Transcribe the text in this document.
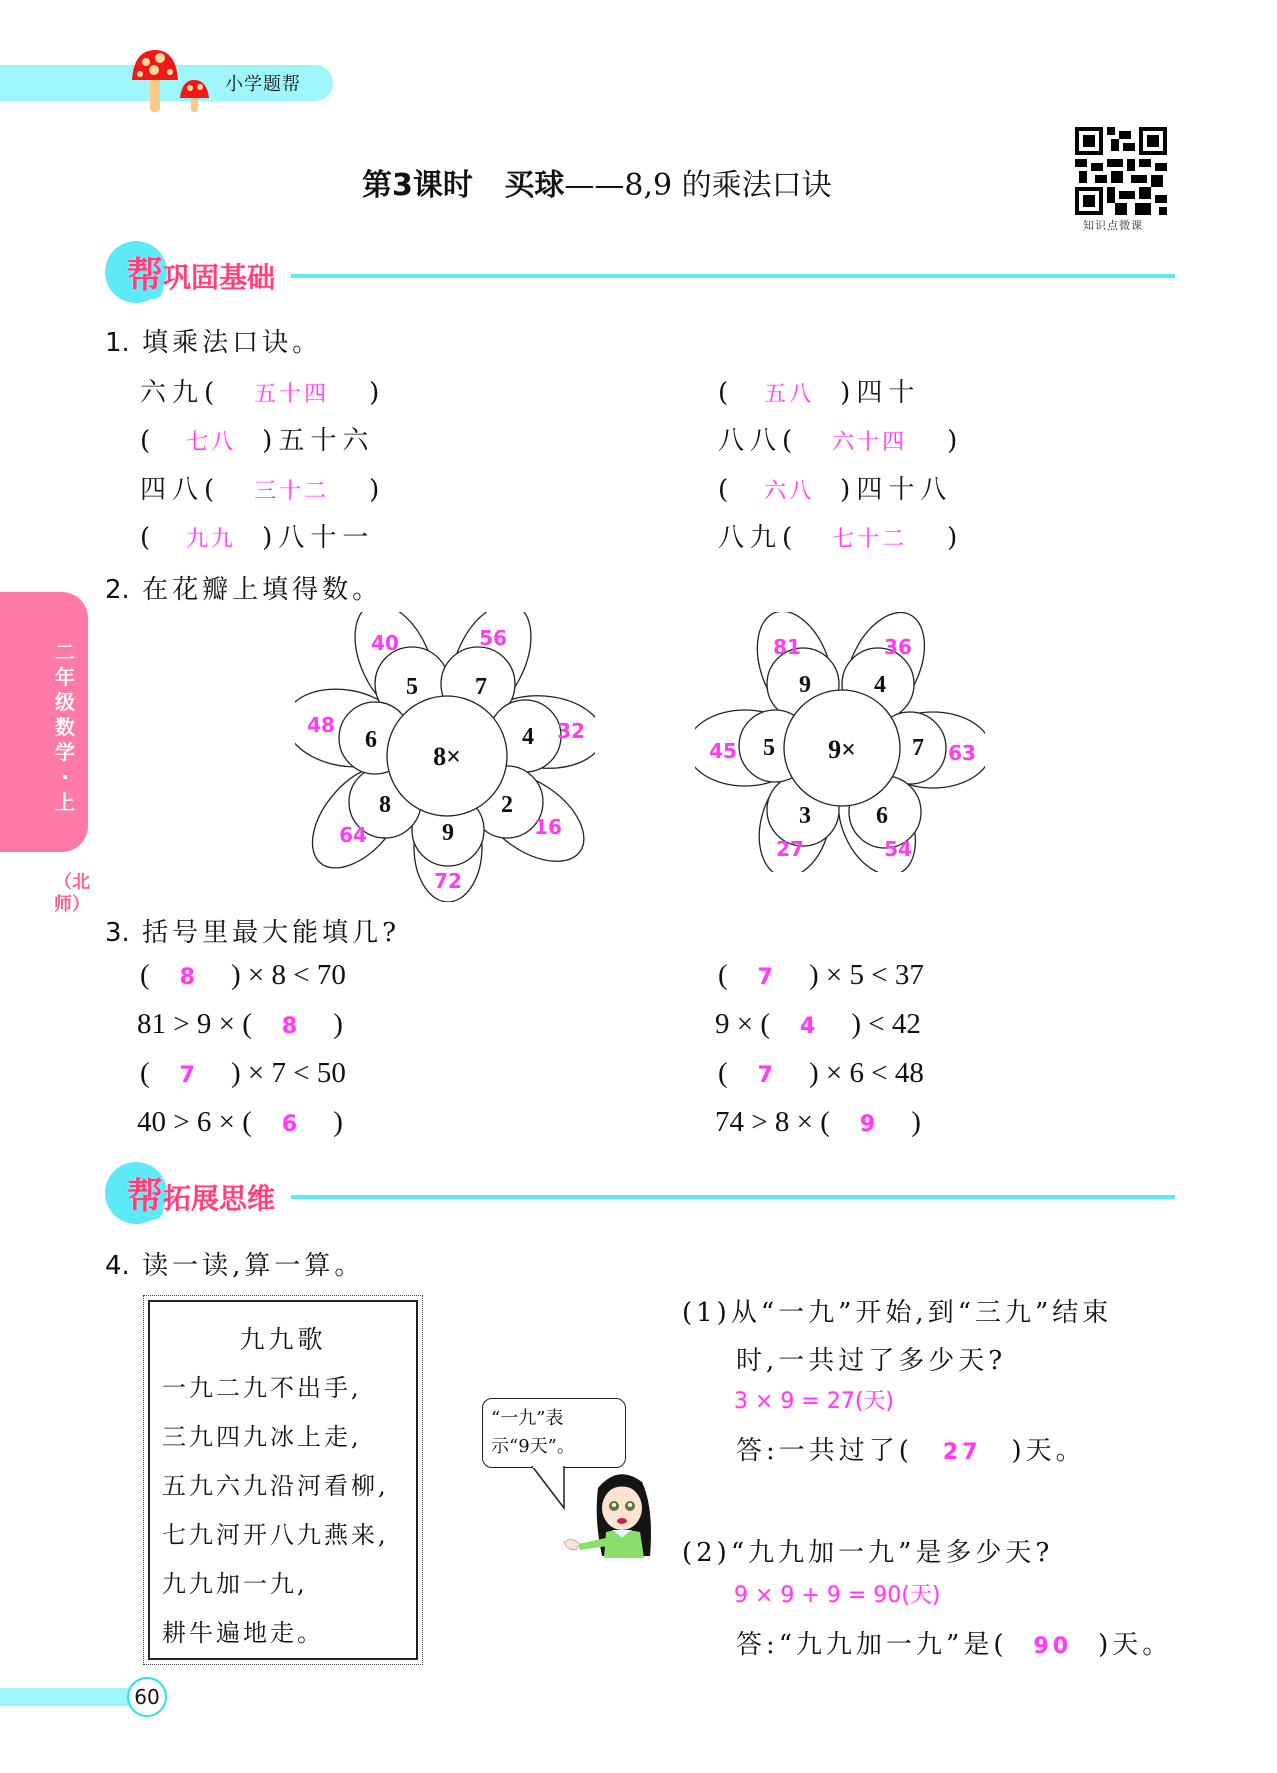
小学题帮
第3课时 买球——8,9 的乘法口诀
知识点微课
二年级数学·上
（北师）
帮巩固基础
1. 填乘法口诀。
六九( 五十四 )
( 七八 )五十六
四八( 三十二 )
( 九九 )八十一
( 五八 )四十
八八( 六十四 )
( 六八 )四十八
八九( 七十二 )
2. 在花瓣上填得数。
8×
5 7
4
2
9
8
6
40	56
32
16
72
64
48
9×
9	4
7
6
3
5
81	36
63
54
27
45
3. 括号里最大能填几?
( 8 ) × 8 < 70
81 > 9 × ( 8 )
( 7 ) × 7 < 50
40 > 6 × ( 6 )
( 7 ) × 5 < 37
9 × ( 4 ) < 42
( 7 ) × 6 < 48
74 > 8 × ( 9 )
帮拓展思维
4. 读一读,算一算。
九九歌
一九二九不出手,
三九四九冰上走,
五九六九沿河看柳,
七九河开八九燕来,
九九加一九,
耕牛遍地走。
“一九”表
示“9天”。
(1)从“一九”开始,到“三九”结束
时,一共过了多少天?
3 × 9 = 27(天)
答:一共过了( 27 )天。
(2)“九九加一九”是多少天?
9 × 9 + 9 = 90(天)
答:“九九加一九”是( 90 )天。
60
